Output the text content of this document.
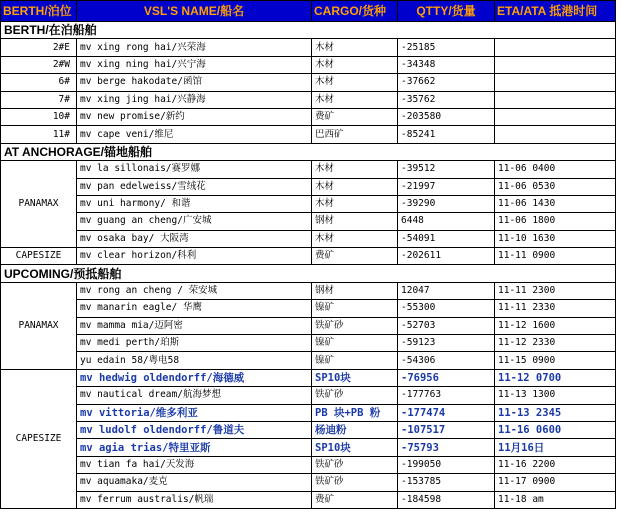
BERTH/泊位	VSL'S NAME/船名	CARGO/货种	QTTY/货量	ETA/ATA 抵港时间	
BERTH/在泊船舶					
2#E	mv xing rong hai/兴荣海	木材	-25185		
2#W	mv xing ning hai/兴宁海	木材	-34348		
6#	mv berge hakodate/函馆	木材	-37662		
7#	mv xing jing hai/兴静海	木材	-35762		
10#	mv new promise/新约	费矿	-203580		
11#	mv cape veni/维尼	巴西矿	-85241		
AT ANCHORAGE/锚地船舶					
PANAMAX	mv la sillonais/赛罗娜	木材	-39512	11-06 0400	
	mv pan edelweiss/雪绒花	木材	-21997	11-06 0530	
	mv uni harmony/ 和谐	木材	-39290	11-06 1430	
	mv guang an cheng/广安城	钢材	6448	11-06 1800	
	mv osaka bay/ 大阪湾	木材	-54091	11-10 1630	
CAPESIZE	mv clear horizon/科利	费矿	-202611	11-11 0900	
UPCOMING/预抵船舶					
PANAMAX	mv rong an cheng / 荣安城	钢材	12047	11-11 2300	
	mv manarin eagle/ 华鹰	镍矿	-55300	11-11 2330	
	mv mamma mia/迈阿密	铁矿砂	-52703	11-12 1600	
	mv medi perth/珀斯	镍矿	-59123	11-12 2330	
	yu edain 58/粤电58	镍矿	-54306	11-15 0900	
CAPESIZE	mv hedwig oldendorff/海德威	SP10块	-76956	11-12 0700	
	mv nautical dream/航海梦想	铁矿砂	-177763	11-13 1300	
	mv vittoria/维多利亚	PB 块+PB 粉	-177474	11-13 2345	
	mv ludolf oldendorff/鲁道夫	杨迪粉	-107517	11-16 0600	
	mv agia trias/特里亚斯	SP10块	-75793	11月16日	
	mv tian fa hai/天发海	铁矿砂	-199050	11-16 2200	
	mv aquamaka/麦克	铁矿砂	-153785	11-17 0900	
	mv ferrum australis/帆瑞	费矿	-184598	11-18 am	
